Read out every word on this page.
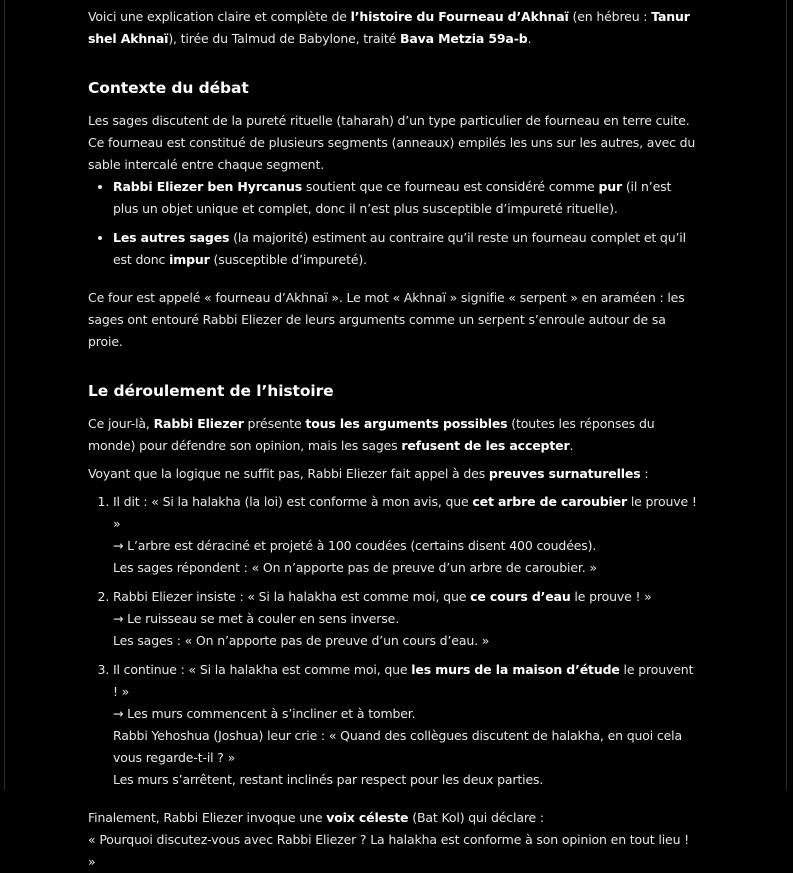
Voici une explication claire et complète de l’histoire du Fourneau d’Akhnaï (en hébreu : Tanur shel Akhnaï), tirée du Talmud de Babylone, traité Bava Metzia 59a-b.

Contexte du débat

Les sages discutent de la pureté rituelle (taharah) d’un type particulier de fourneau en terre cuite. Ce fourneau est constitué de plusieurs segments (anneaux) empilés les uns sur les autres, avec du sable intercalé entre chaque segment.

• Rabbi Eliezer ben Hyrcanus soutient que ce fourneau est considéré comme pur (il n’est plus un objet unique et complet, donc il n’est plus susceptible d’impureté rituelle).
• Les autres sages (la majorité) estiment au contraire qu’il reste un fourneau complet et qu’il est donc impur (susceptible d’impureté).

Ce four est appelé « fourneau d’Akhnaï ». Le mot « Akhnaï » signifie « serpent » en araméen : les sages ont entouré Rabbi Eliezer de leurs arguments comme un serpent s’enroule autour de sa proie.

Le déroulement de l’histoire

Ce jour-là, Rabbi Eliezer présente tous les arguments possibles (toutes les réponses du monde) pour défendre son opinion, mais les sages refusent de les accepter.

Voyant que la logique ne suffit pas, Rabbi Eliezer fait appel à des preuves surnaturelles :

1. Il dit : « Si la halakha (la loi) est conforme à mon avis, que cet arbre de caroubier le prouve ! »
→ L’arbre est déraciné et projeté à 100 coudées (certains disent 400 coudées).
Les sages répondent : « On n’apporte pas de preuve d’un arbre de caroubier. »
2. Rabbi Eliezer insiste : « Si la halakha est comme moi, que ce cours d’eau le prouve ! »
→ Le ruisseau se met à couler en sens inverse.
Les sages : « On n’apporte pas de preuve d’un cours d’eau. »
3. Il continue : « Si la halakha est comme moi, que les murs de la maison d’étude le prouvent ! »
→ Les murs commencent à s’incliner et à tomber.
Rabbi Yehoshua (Joshua) leur crie : « Quand des collègues discutent de halakha, en quoi cela vous regarde-t-il ? »
Les murs s’arrêtent, restant inclinés par respect pour les deux parties.

Finalement, Rabbi Eliezer invoque une voix céleste (Bat Kol) qui déclare :
« Pourquoi discutez-vous avec Rabbi Eliezer ? La halakha est conforme à son opinion en tout lieu ! »
